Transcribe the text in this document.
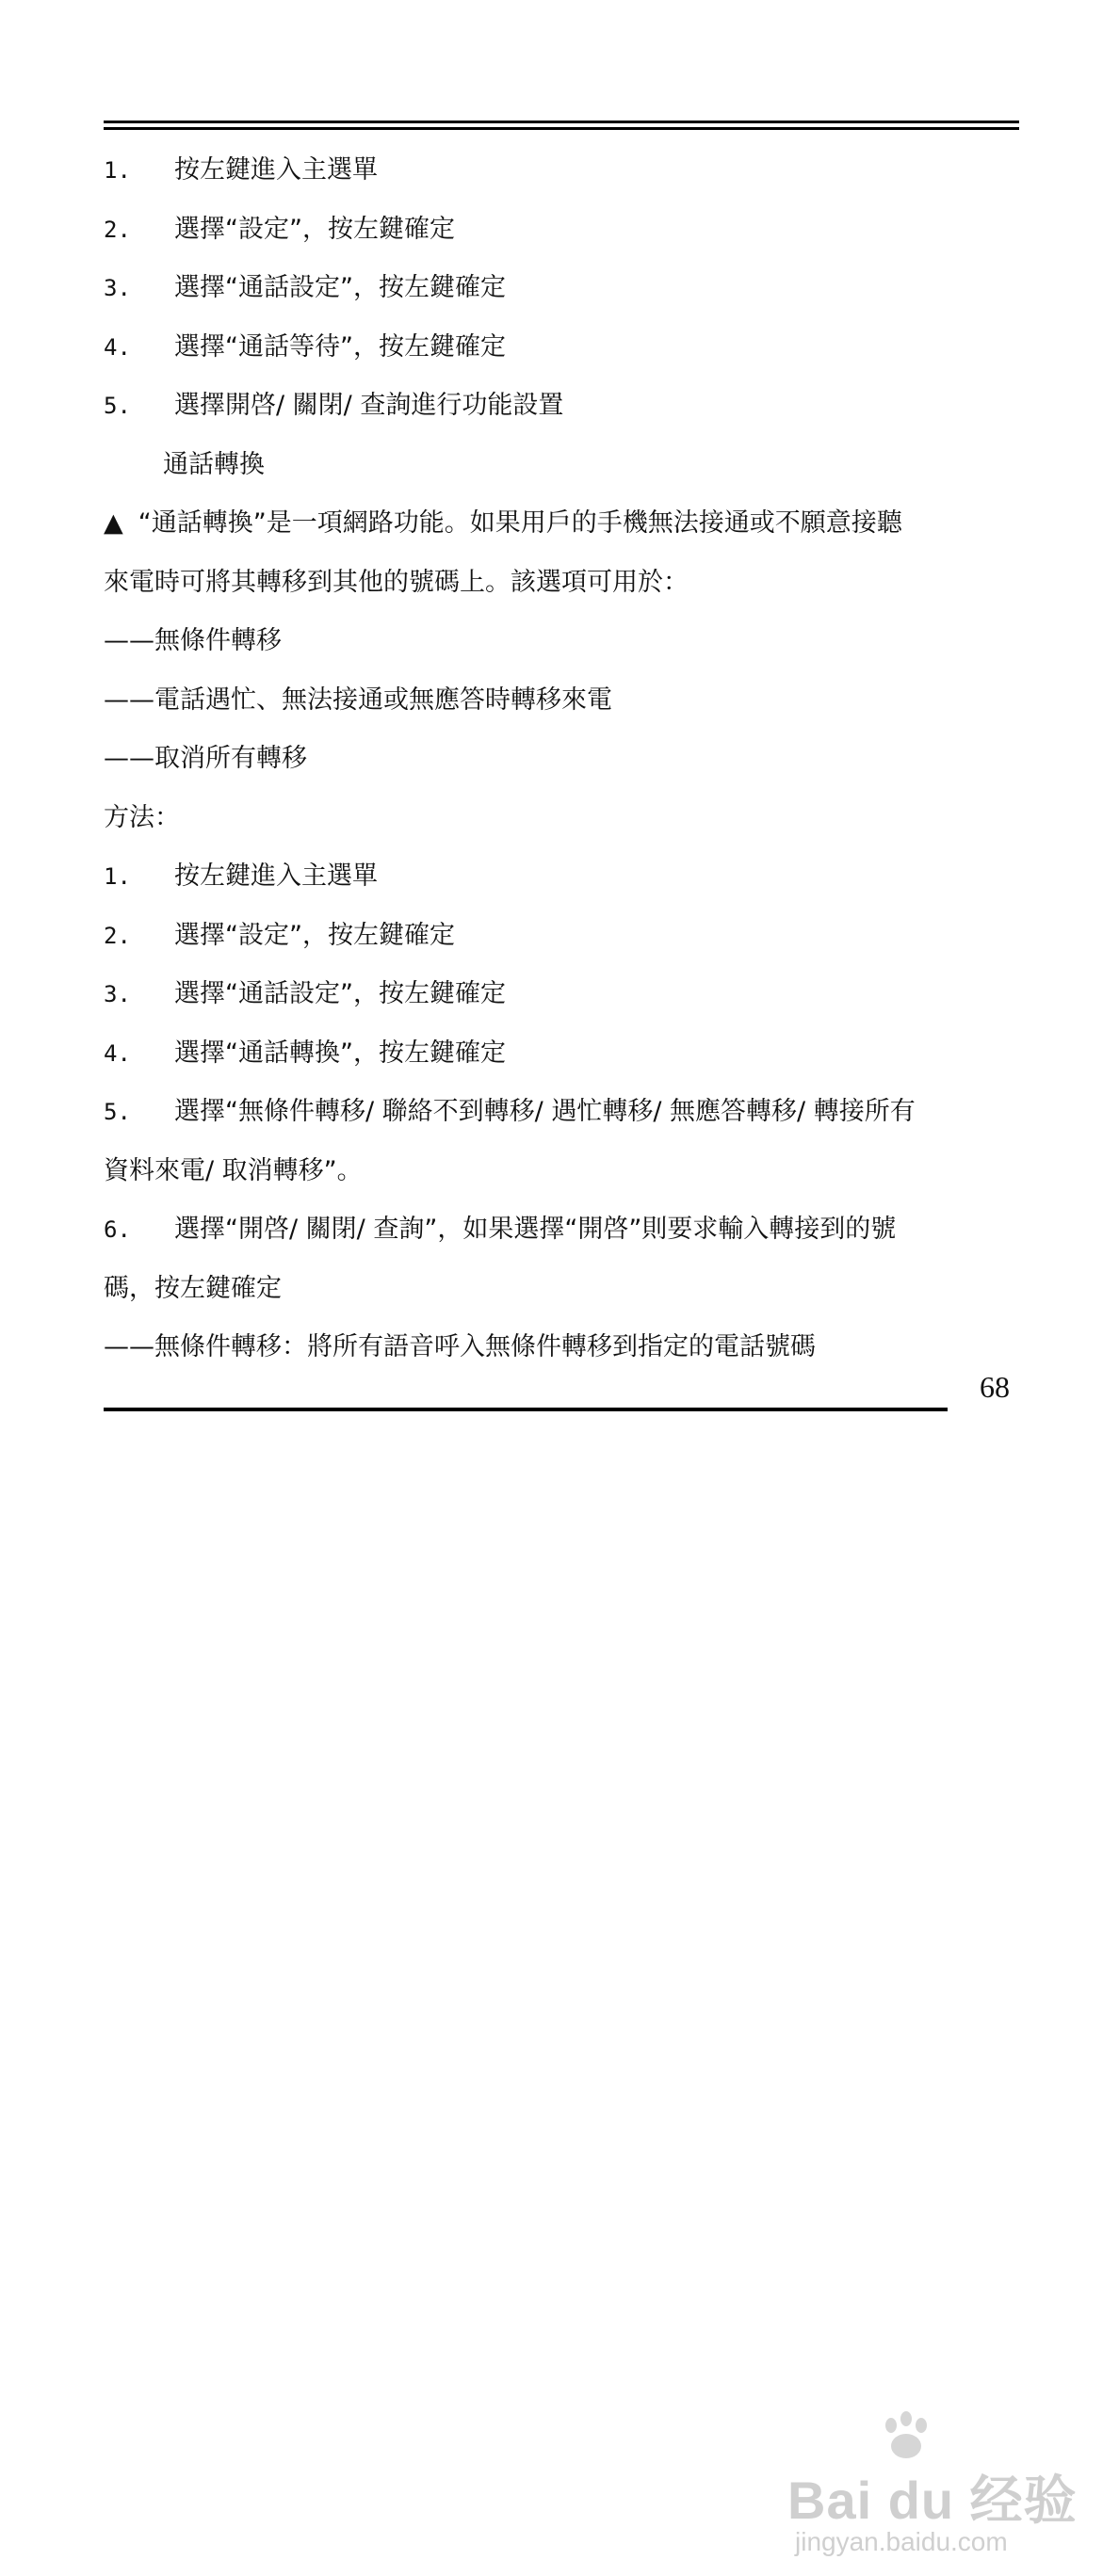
1. 按左鍵進入主選單
2. 選擇“設定”，按左鍵確定
3. 選擇“通話設定”，按左鍵確定
4. 選擇“通話等待”，按左鍵確定
5. 選擇開啓/ 關閉/ 查詢進行功能設置
通話轉換
▲ “通話轉換”是一項網路功能。如果用戶的手機無法接通或不願意接聽
來電時可將其轉移到其他的號碼上。該選項可用於：
——無條件轉移
——電話遇忙、無法接通或無應答時轉移來電
——取消所有轉移
方法：
1. 按左鍵進入主選單
2. 選擇“設定”，按左鍵確定
3. 選擇“通話設定”，按左鍵確定
4. 選擇“通話轉換”，按左鍵確定
5. 選擇“無條件轉移/ 聯絡不到轉移/ 遇忙轉移/ 無應答轉移/ 轉接所有
資料來電/ 取消轉移”。
6. 選擇“開啓/ 關閉/ 查詢”，如果選擇“開啓”則要求輸入轉接到的號
碼，按左鍵確定
——無條件轉移：將所有語音呼入無條件轉移到指定的電話號碼
68
Bai du 经验
jingyan.baidu.com
